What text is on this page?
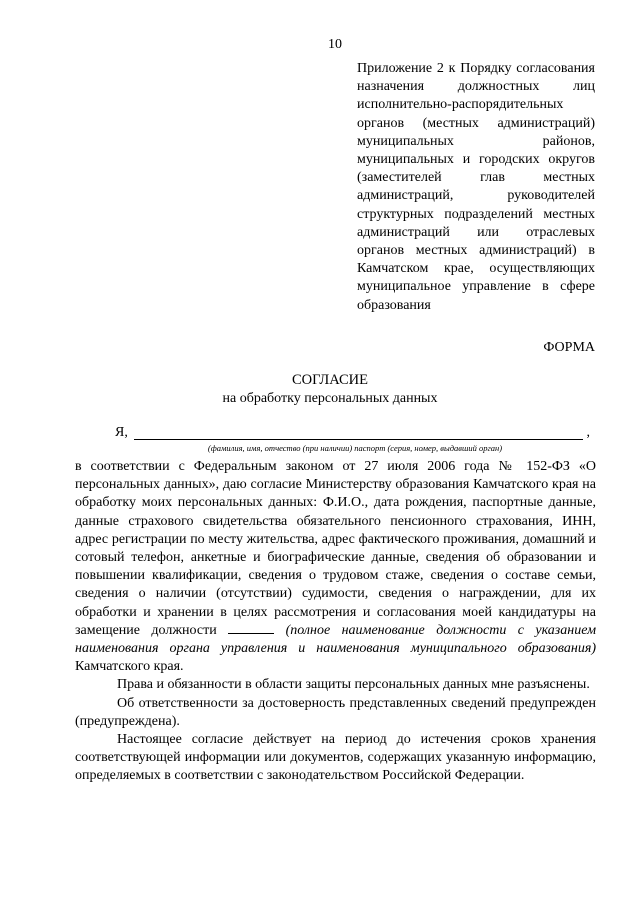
10
Приложение 2 к Порядку согласования назначения должностных лиц исполнительно-распорядительных органов (местных администраций) муниципальных районов, муниципальных и городских округов (заместителей глав местных администраций, руководителей структурных подразделений местных администраций или отраслевых органов местных администраций) в Камчатском крае, осуществляющих муниципальное управление в сфере образования
ФОРМА
СОГЛАСИЕ
на обработку персональных данных
Я,	,
(фамилия, имя, отчество (при наличии) паспорт (серия, номер, выдавший орган)

в соответствии с Федеральным законом от 27 июля 2006 года № 152-ФЗ «О персональных данных», даю согласие Министерству образования Камчатского края на обработку моих персональных данных: Ф.И.О., дата рождения, паспортные данные, данные страхового свидетельства обязательного пенсионного страхования, ИНН, адрес регистрации по месту жительства, адрес фактического проживания, домашний и сотовый телефон, анкетные и биографические данные, сведения об образовании и повышении квалификации, сведения о трудовом стаже, сведения о составе семьи, сведения о наличии (отсутствии) судимости, сведения о награждении, для их обработки и хранении в целях рассмотрения и согласования моей кандидатуры на замещение должности	(полное наименование должности с указанием наименования органа управления и наименования муниципального образования) Камчатского края.

Права и обязанности в области защиты персональных данных мне разъяснены.

Об ответственности за достоверность представленных сведений предупрежден (предупреждена).

Настоящее согласие действует на период до истечения сроков хранения соответствующей информации или документов, содержащих указанную информацию, определяемых в соответствии с законодательством Российской Федерации.
